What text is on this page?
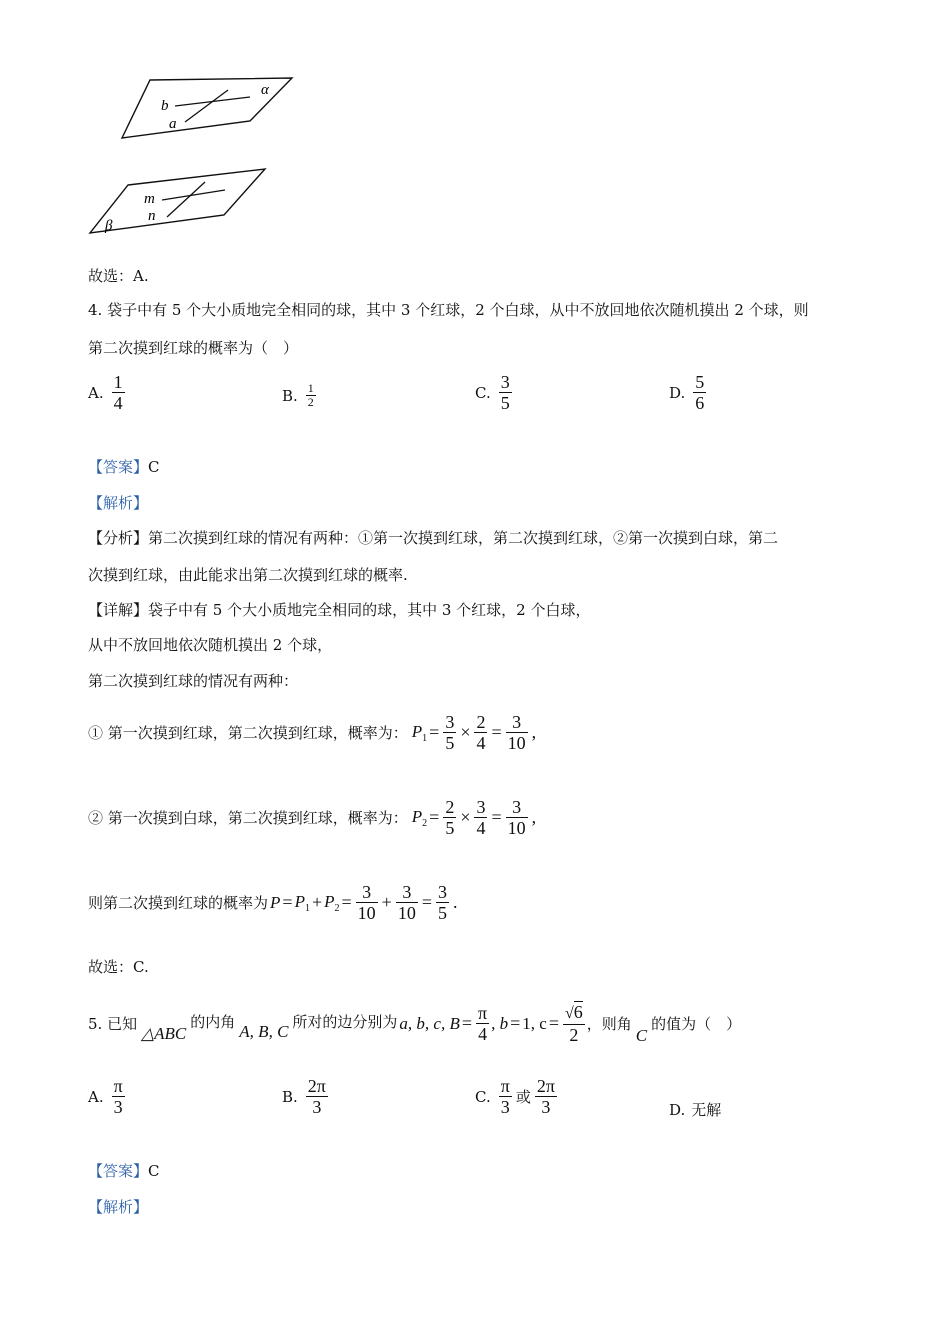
b
a
α
m
n
β
故选：A.
4. 袋子中有 5 个大小质地完全相同的球，其中 3 个红球，2 个白球，从中不放回地依次随机摸出 2 个球，则
第二次摸到红球的概率为（　）
A. $\frac{1}{4}$	B. $\frac{1}{2}$	C. $\frac{3}{5}$	D. $\frac{5}{6}$
【答案】C
【解析】
【分析】第二次摸到红球的情况有两种：①第一次摸到红球，第二次摸到红球，②第一次摸到白球，第二
次摸到红球，由此能求出第二次摸到红球的概率.
【详解】袋子中有 5 个大小质地完全相同的球，其中 3 个红球，2 个白球，
从中不放回地依次随机摸出 2 个球，
第二次摸到红球的情况有两种：
① 第一次摸到红球，第二次摸到红球，概率为： $P_1 = \frac{3}{5} \times \frac{2}{4} = \frac{3}{10}$ ,
② 第一次摸到白球，第二次摸到红球，概率为： $P_2 = \frac{2}{5} \times \frac{3}{4} = \frac{3}{10}$ ,
则第二次摸到红球的概率为 $P = P_1 + P_2 = \frac{3}{10} + \frac{3}{10} = \frac{3}{5}$ .
故选：C.
5. 已知 △ABC
的内角 A, B, C 所对的边分别为 a, b, c, $B = \frac{\pi}{4}$ , b = 1, $c = \frac{√6}{2}$ ，则角
C
的值为（　）
A. $\frac{\pi}{3}$	B. $\frac{2\pi}{3}$	C. $\frac{\pi}{3}$ 或 $\frac{2\pi}{3}$	D. 无解
【答案】C
【解析】
